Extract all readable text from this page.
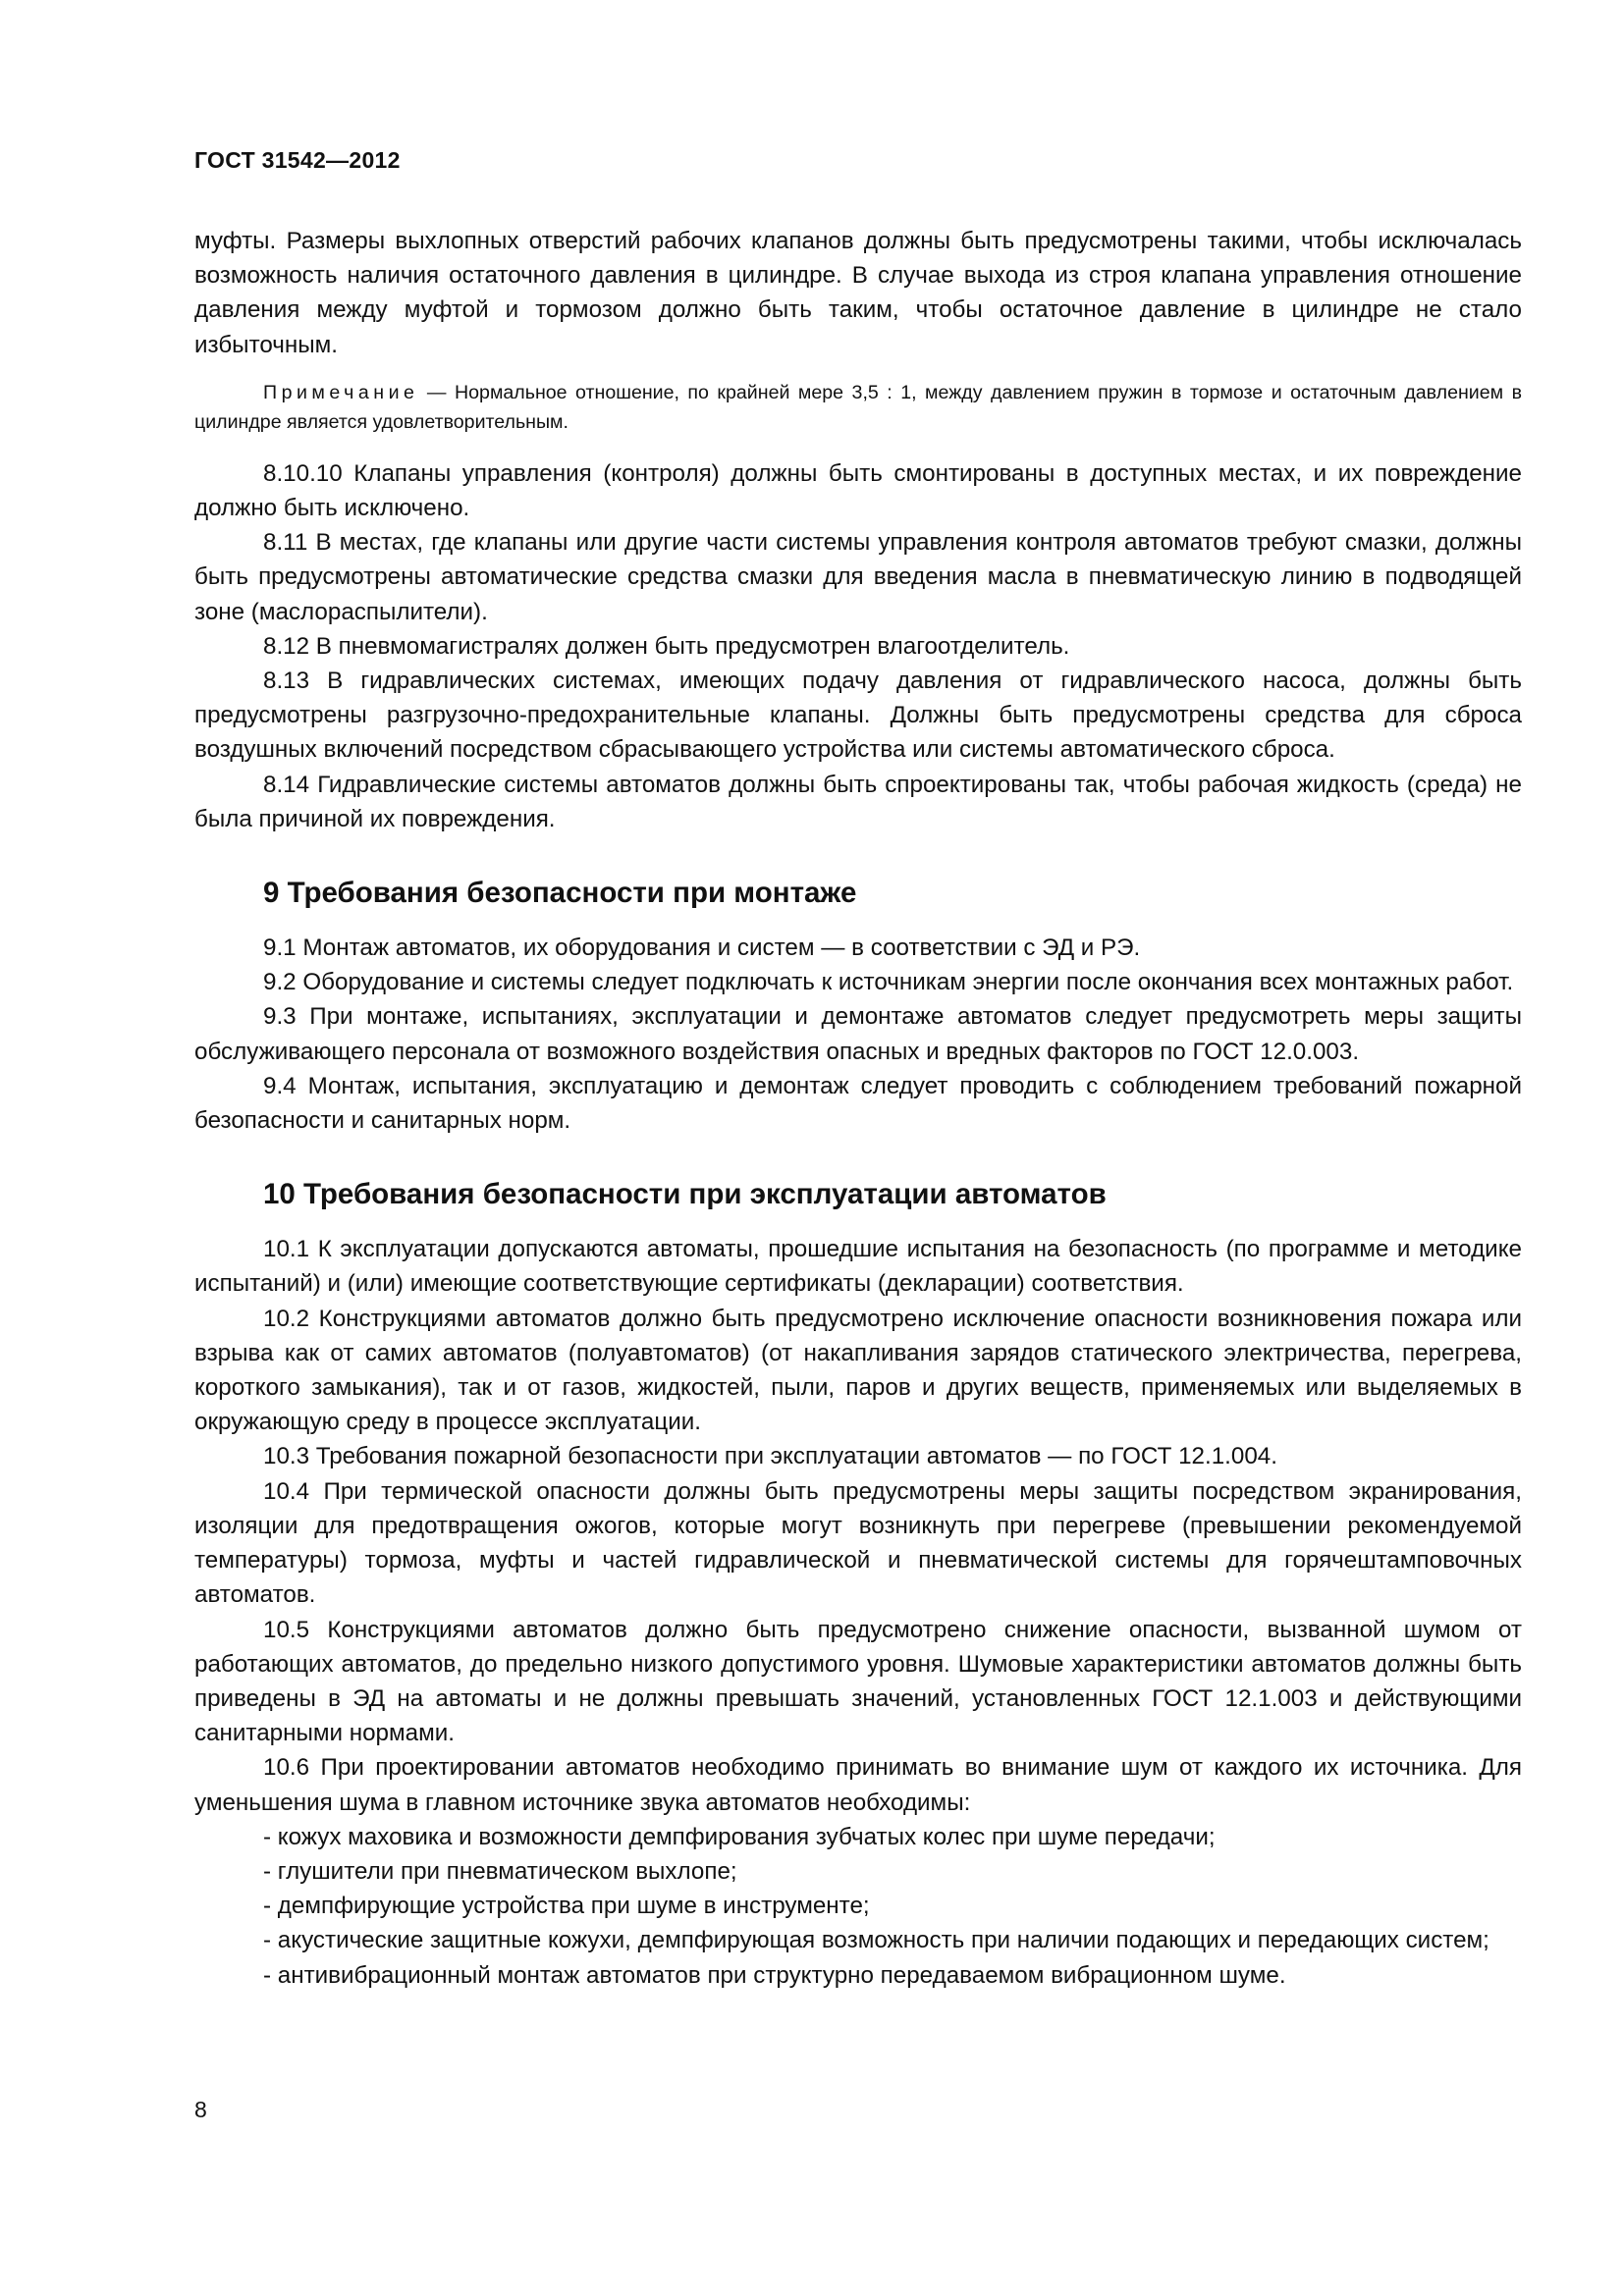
ГОСТ 31542—2012

муфты. Размеры выхлопных отверстий рабочих клапанов должны быть предусмотрены такими, чтобы исключалась возможность наличия остаточного давления в цилиндре. В случае выхода из строя клапана управления отношение давления между муфтой и тормозом должно быть таким, чтобы остаточное давление в цилиндре не стало избыточным.

Примечание — Нормальное отношение, по крайней мере 3,5 : 1, между давлением пружин в тормозе и остаточным давлением в цилиндре является удовлетворительным.

8.10.10 Клапаны управления (контроля) должны быть смонтированы в доступных местах, и их повреждение должно быть исключено.

8.11 В местах, где клапаны или другие части системы управления контроля автоматов требуют смазки, должны быть предусмотрены автоматические средства смазки для введения масла в пневматическую линию в подводящей зоне (маслораспылители).

8.12 В пневмомагистралях должен быть предусмотрен влагоотделитель.

8.13 В гидравлических системах, имеющих подачу давления от гидравлического насоса, должны быть предусмотрены разгрузочно-предохранительные клапаны. Должны быть предусмотрены средства для сброса воздушных включений посредством сбрасывающего устройства или системы автоматического сброса.

8.14 Гидравлические системы автоматов должны быть спроектированы так, чтобы рабочая жидкость (среда) не была причиной их повреждения.

9 Требования безопасности при монтаже

9.1 Монтаж автоматов, их оборудования и систем — в соответствии с ЭД и РЭ.

9.2 Оборудование и системы следует подключать к источникам энергии после окончания всех монтажных работ.

9.3 При монтаже, испытаниях, эксплуатации и демонтаже автоматов следует предусмотреть меры защиты обслуживающего персонала от возможного воздействия опасных и вредных факторов по ГОСТ 12.0.003.

9.4 Монтаж, испытания, эксплуатацию и демонтаж следует проводить с соблюдением требований пожарной безопасности и санитарных норм.

10 Требования безопасности при эксплуатации автоматов

10.1 К эксплуатации допускаются автоматы, прошедшие испытания на безопасность (по программе и методике испытаний) и (или) имеющие соответствующие сертификаты (декларации) соответствия.

10.2 Конструкциями автоматов должно быть предусмотрено исключение опасности возникновения пожара или взрыва как от самих автоматов (полуавтоматов) (от накапливания зарядов статического электричества, перегрева, короткого замыкания), так и от газов, жидкостей, пыли, паров и других веществ, применяемых или выделяемых в окружающую среду в процессе эксплуатации.

10.3 Требования пожарной безопасности при эксплуатации автоматов — по ГОСТ 12.1.004.

10.4 При термической опасности должны быть предусмотрены меры защиты посредством экранирования, изоляции для предотвращения ожогов, которые могут возникнуть при перегреве (превышении рекомендуемой температуры) тормоза, муфты и частей гидравлической и пневматической системы для горячештамповочных автоматов.

10.5 Конструкциями автоматов должно быть предусмотрено снижение опасности, вызванной шумом от работающих автоматов, до предельно низкого допустимого уровня. Шумовые характеристики автоматов должны быть приведены в ЭД на автоматы и не должны превышать значений, установленных ГОСТ 12.1.003 и действующими санитарными нормами.

10.6 При проектировании автоматов необходимо принимать во внимание шум от каждого их источника. Для уменьшения шума в главном источнике звука автоматов необходимы:

- кожух маховика и возможности демпфирования зубчатых колес при шуме передачи;

- глушители при пневматическом выхлопе;

- демпфирующие устройства при шуме в инструменте;

- акустические защитные кожухи, демпфирующая возможность при наличии подающих и передающих систем;

- антивибрационный монтаж автоматов при структурно передаваемом вибрационном шуме.

8
